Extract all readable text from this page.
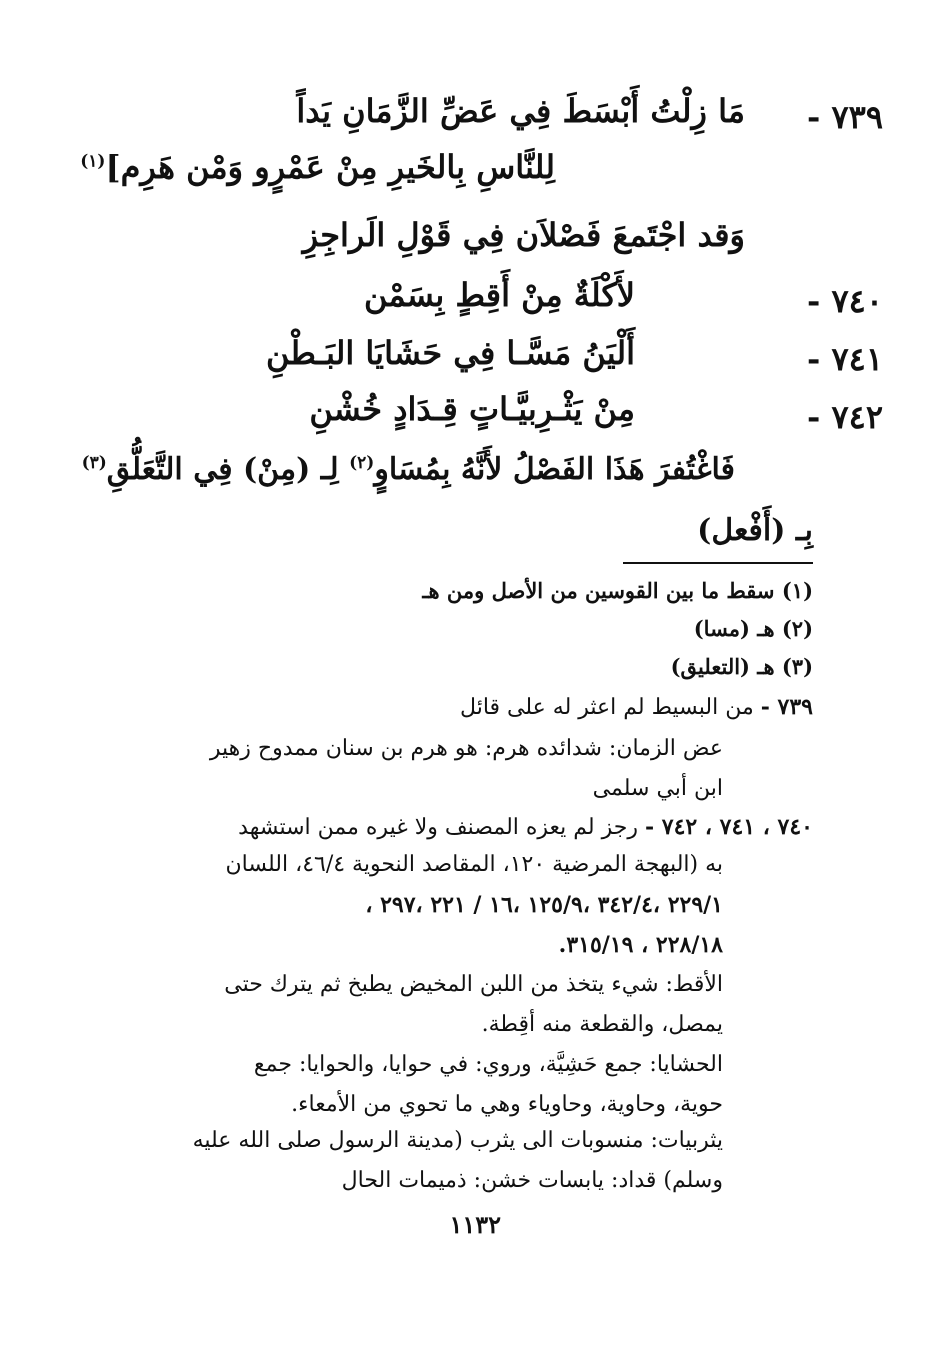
٧٣٩ -
مَا زِلْتُ أَبْسَطَ فِي عَضِّ الزَّمَانِ يَداً
لِلنَّاسِ بِالخَيرِ مِنْ عَمْرٍو وَمْن هَرِم]$^{(١)}$
وَقد اجْتَمعَ فَصْلاَن فِي قَوْلِ الَراجِزِ
٧٤٠ -
لأَكْلَةٌ مِنْ أَقِطٍ بِسَمْن
٧٤١ -
أَلْيَنُ مَسَّـا فِي حَشَايَا البَـطْنِ
٧٤٢ -
مِنْ يَثْـرِبيَّـاتٍ قِـدَادٍ خُشْنِ
فَاغْتُفرَ هَذَا الفَصْلُ لأَنَّهُ بِمُسَاوٍ$^{(٢)}$ لِـ (مِنْ) فِي التَّعَلُّقِ$^{(٣)}$
بِـ (أَفْعل)
(١) سقط ما بين القوسين من الأصل ومن هـ
(٢) هـ (مسا)
(٣) هـ (التعليق)
٧٣٩ - من البسيط لم اعثر له على قائل
عض الزمان: شدائده هرم: هو هرم بن سنان ممدوح زهير
ابن أبي سلمى
٧٤٠ ، ٧٤١ ، ٧٤٢ - رجز لم يعزه المصنف ولا غيره ممن استشهد
به (البهجة المرضية ١٢٠، المقاصد النحوية ٤٦/٤، اللسان
٢٢٩/١ ،٣٤٢/٤ ،١٢٥/٩ ،١٦ / ٢٢١ ،٢٩٧ ،
٢٢٨/١٨ ، ٣١٥/١٩.
الأقط: شيء يتخذ من اللبن المخيض يطبخ ثم يترك حتى
يمصل، والقطعة منه أقِطة.
الحشايا: جمع حَشِيَّة، وروي: في حوايا، والحوايا: جمع
حوية، وحاوية، وحاوياء وهي ما تحوي من الأمعاء.
يثربيات: منسوبات الى يثرب (مدينة الرسول صلى الله عليه
وسلم) قداد: يابسات خشن: ذميمات الحال
١١٣٢
